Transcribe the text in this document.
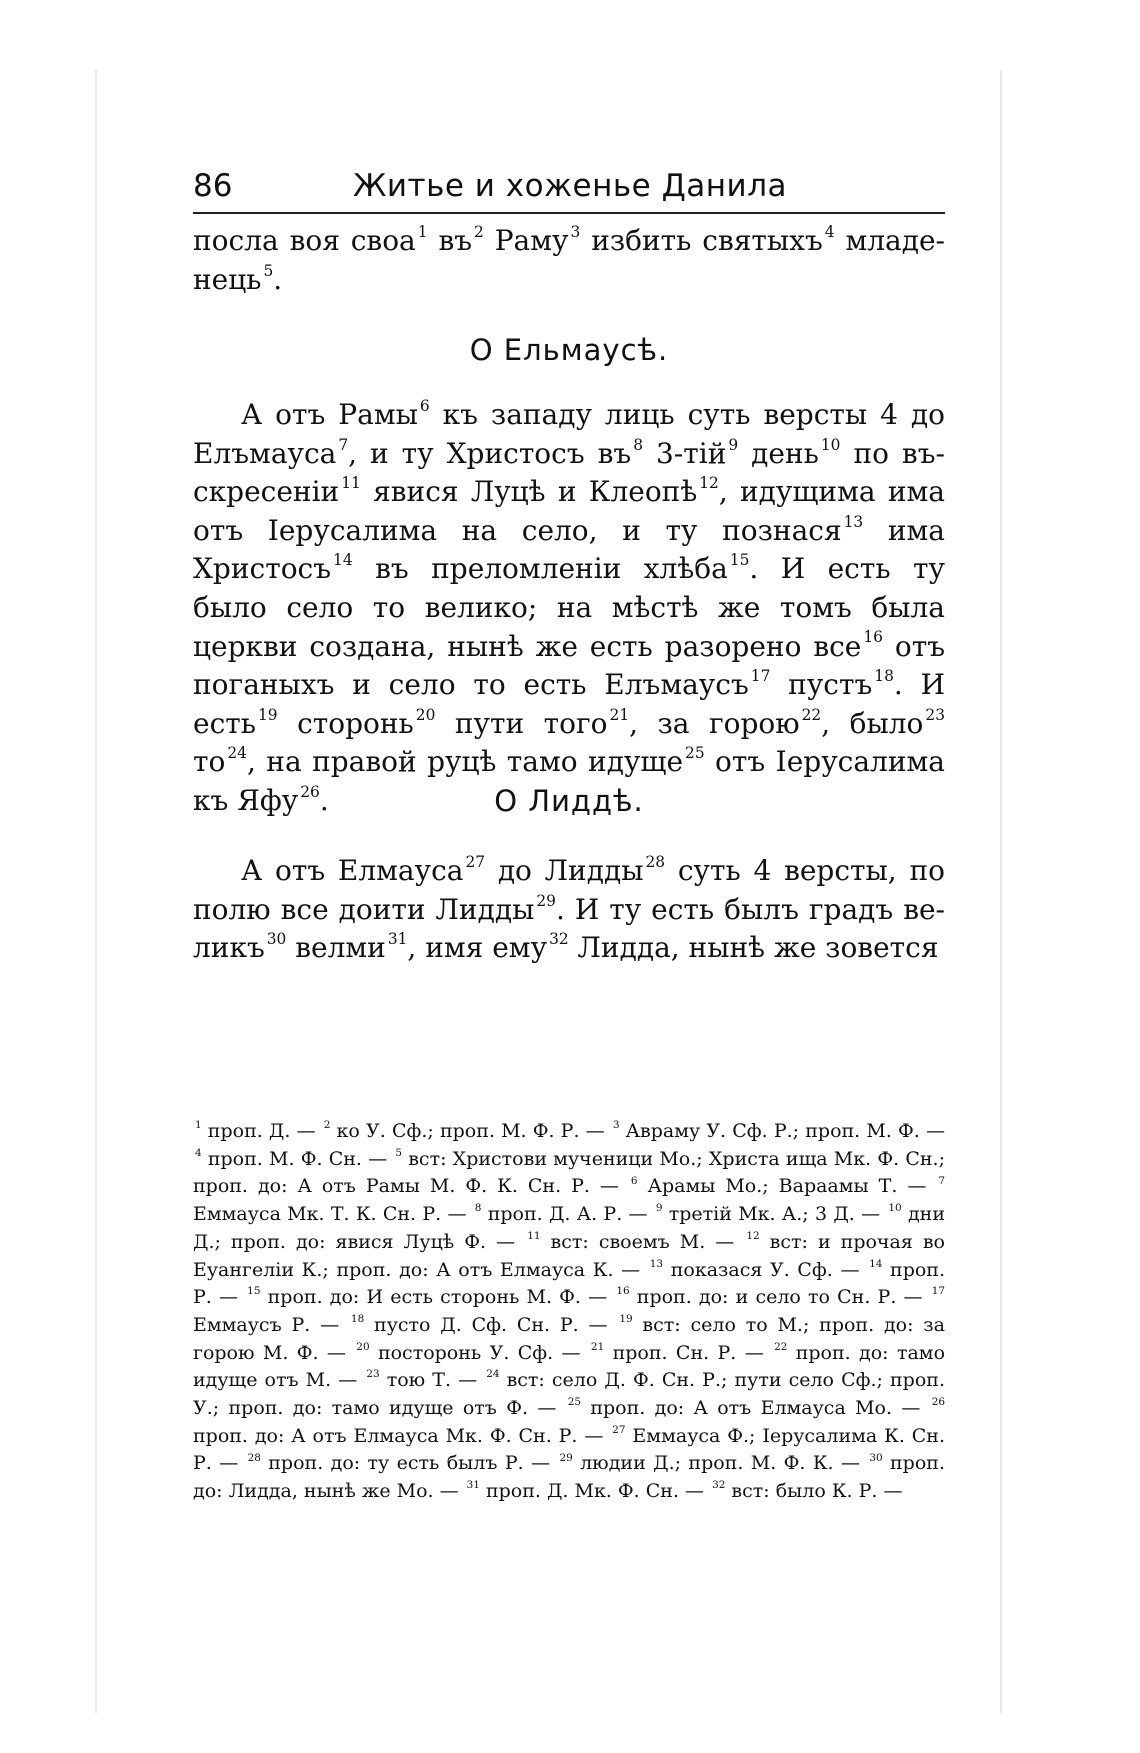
86	Житье и хоженье Данила
посла воя своа $^1$ въ $^2$ Раму $^3$ избить святыхъ $^4$ младенець $^5$.
О Ельмаусѣ.
А отъ Рамы $^6$ къ западу лиць суть версты 4 до Елъмауса $^7$, и ту Христосъ въ $^8$ 3-тій $^9$ день $^{10}$ по въскресеніи $^{11}$ явися Луцѣ и Клеопѣ $^{12}$, идущима има отъ Іерусалима на село, и ту познася $^{13}$ има Христосъ $^{14}$ въ преломленіи хлѣба $^{15}$. И есть ту было село то велико; на мѣстѣ же томъ была церкви создана, нынѣ же есть разорено все $^{16}$ отъ поганыхъ и село то есть Елъмаусъ $^{17}$ пустъ $^{18}$. И есть $^{19}$ сторонь $^{20}$ пути того $^{21}$, за горою $^{22}$, было $^{23}$ то $^{24}$, на правой руцѣ тамо идуще $^{25}$ отъ Іерусалима къ Яфу $^{26}$.	О Лиддѣ.
А отъ Елмауса $^{27}$ до Лидды $^{28}$ суть 4 версты, по полю все доити Лидды $^{29}$. И ту есть былъ градъ великъ $^{30}$ велми $^{31}$, имя ему $^{32}$ Лидда, нынѣ же зовется
$^1$ проп. Д. — $^2$ ко У. Сф.; проп. М. Ф. Р. — $^3$ Авраму У. Сф. Р.; проп. М. Ф. — $^4$ проп. М. Ф. Сн. — $^5$ вст: Христови мученици Мо.; Христа ища Мк. Ф. Сн.; проп. до: А отъ Рамы М. Ф. К. Сн. Р. — $^6$ Арамы Мо.; Вараамы Т. — $^7$ Еммауса Мк. Т. К. Сн. Р. — $^8$ проп. Д. А. Р. — $^9$ третій Мк. А.; 3 Д. — $^{10}$ дни Д.; проп. до: явися Луцѣ Ф. — $^{11}$ вст: своемъ М. — $^{12}$ вст: и прочая во Еуангеліи К.; проп. до: А отъ Елмауса К. — $^{13}$ показася У. Сф. — $^{14}$ проп. Р. — $^{15}$ проп. до: И есть сторонь М. Ф. — $^{16}$ проп. до: и село то Сн. Р. — $^{17}$ Еммаусъ Р. — $^{18}$ пусто Д. Сф. Сн. Р. — $^{19}$ вст: село то М.; проп. до: за горою М. Ф. — $^{20}$ посторонь У. Сф. — $^{21}$ проп. Сн. Р. — $^{22}$ проп. до: тамо идуще отъ М. — $^{23}$ тою Т. — $^{24}$ вст: село Д. Ф. Сн. Р.; пути село Сф.; проп. У.; проп. до: тамо идуще отъ Ф. — $^{25}$ проп. до: А отъ Елмауса Мо. — $^{26}$ проп. до: А отъ Елмауса Мк. Ф. Сн. Р. — $^{27}$ Еммауса Ф.; Іерусалима К. Сн. Р. — $^{28}$ проп. до: ту есть былъ Р. — $^{29}$ людии Д.; проп. М. Ф. К. — $^{30}$ проп. до: Лидда, нынѣ же Мо. — $^{31}$ проп. Д. Мк. Ф. Сн. — $^{32}$ вст: было К. Р. —
